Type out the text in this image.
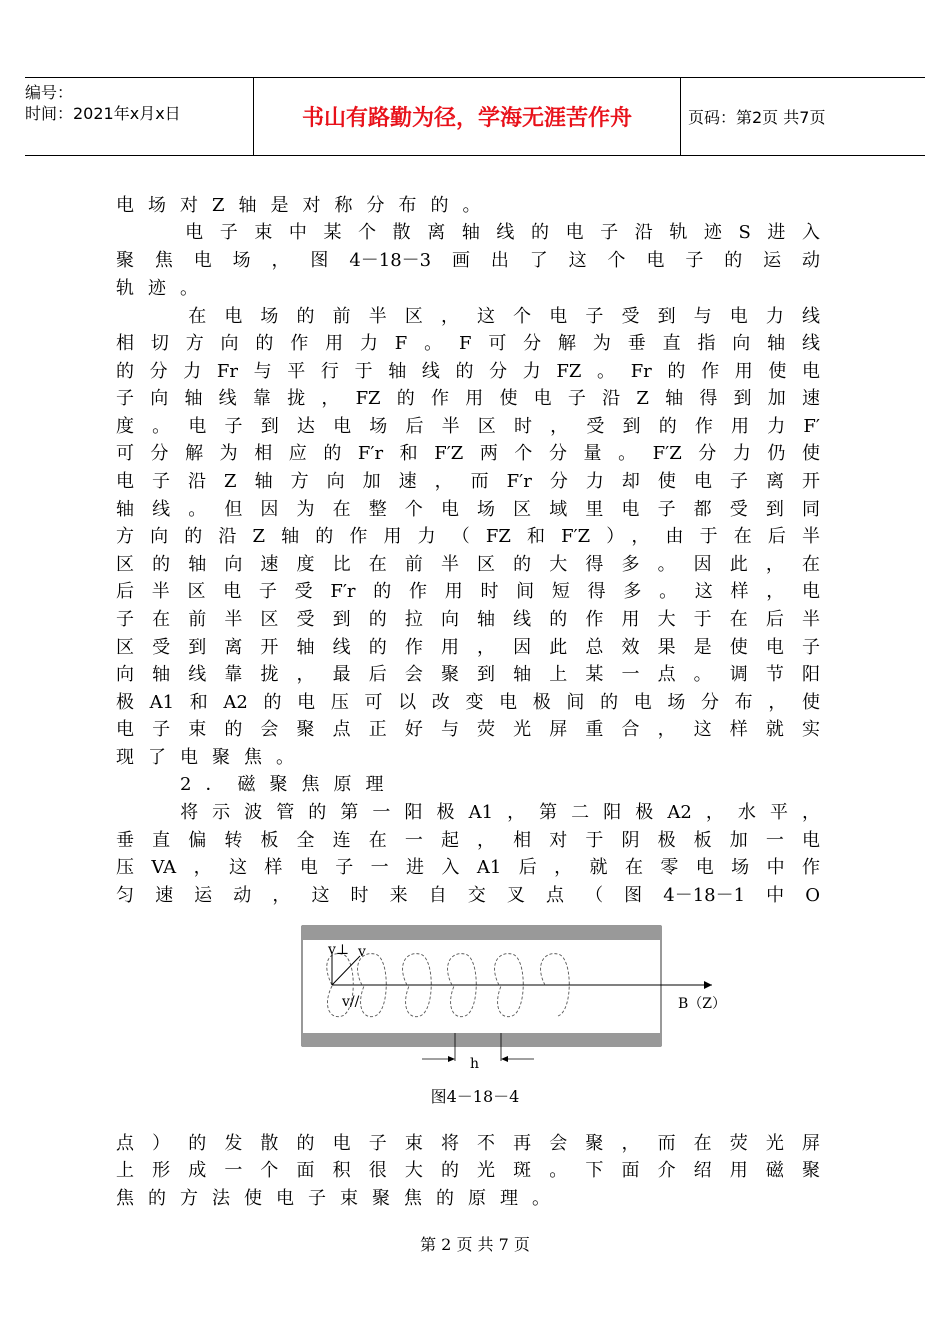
编号：
时间：2021年x月x日	书山有路勤为径，学海无涯苦作舟	页码：第2页 共7页
电场对Z轴是对称分布的。
　　电子束中某个散离轴线的电子沿轨迹S进入
聚焦电场，图4－18－3画出了这个电子的运动
轨迹。
　　在电场的前半区，这个电子受到与电力线
相切方向的作用力F。F可分解为垂直指向轴线
的分力Fr与平行于轴线的分力FZ。Fr的作用使电
子向轴线靠拢，FZ的作用使电子沿Z轴得到加速
度。电子到达电场后半区时，受到的作用力F′
可分解为相应的F′r和F′Z两个分量。F′Z分力仍使
电子沿Z轴方向加速，而F′r分力却使电子离开
轴线。但因为在整个电场区域里电子都受到同
方向的沿Z轴的作用力（FZ和F′Z），由于在后半
区的轴向速度比在前半区的大得多。因此，在
后半区电子受F′r的作用时间短得多。这样，电
子在前半区受到的拉向轴线的作用大于在后半
区受到离开轴线的作用，因此总效果是使电子
向轴线靠拢，最后会聚到轴上某一点。调节阳
极A1和A2的电压可以改变电极间的电场分布，使
电子束的会聚点正好与荧光屏重合，这样就实
现了电聚焦。
　　2．磁聚焦原理
　　将示波管的第一阳极A1，第二阳极A2，水平，
垂直偏转板全连在一起，相对于阴极板加一电
压VA，这样电子一进入A1后，就在零电场中作
匀速运动，这时来自交叉点（图4－18－1中O
v⊥ v
v//	B（Z）
h
图4－18－4
点）的发散的电子束将不再会聚，而在荧光屏
上形成一个面积很大的光斑。下面介绍用磁聚
焦的方法使电子束聚焦的原理。
第 2 页 共 7 页
